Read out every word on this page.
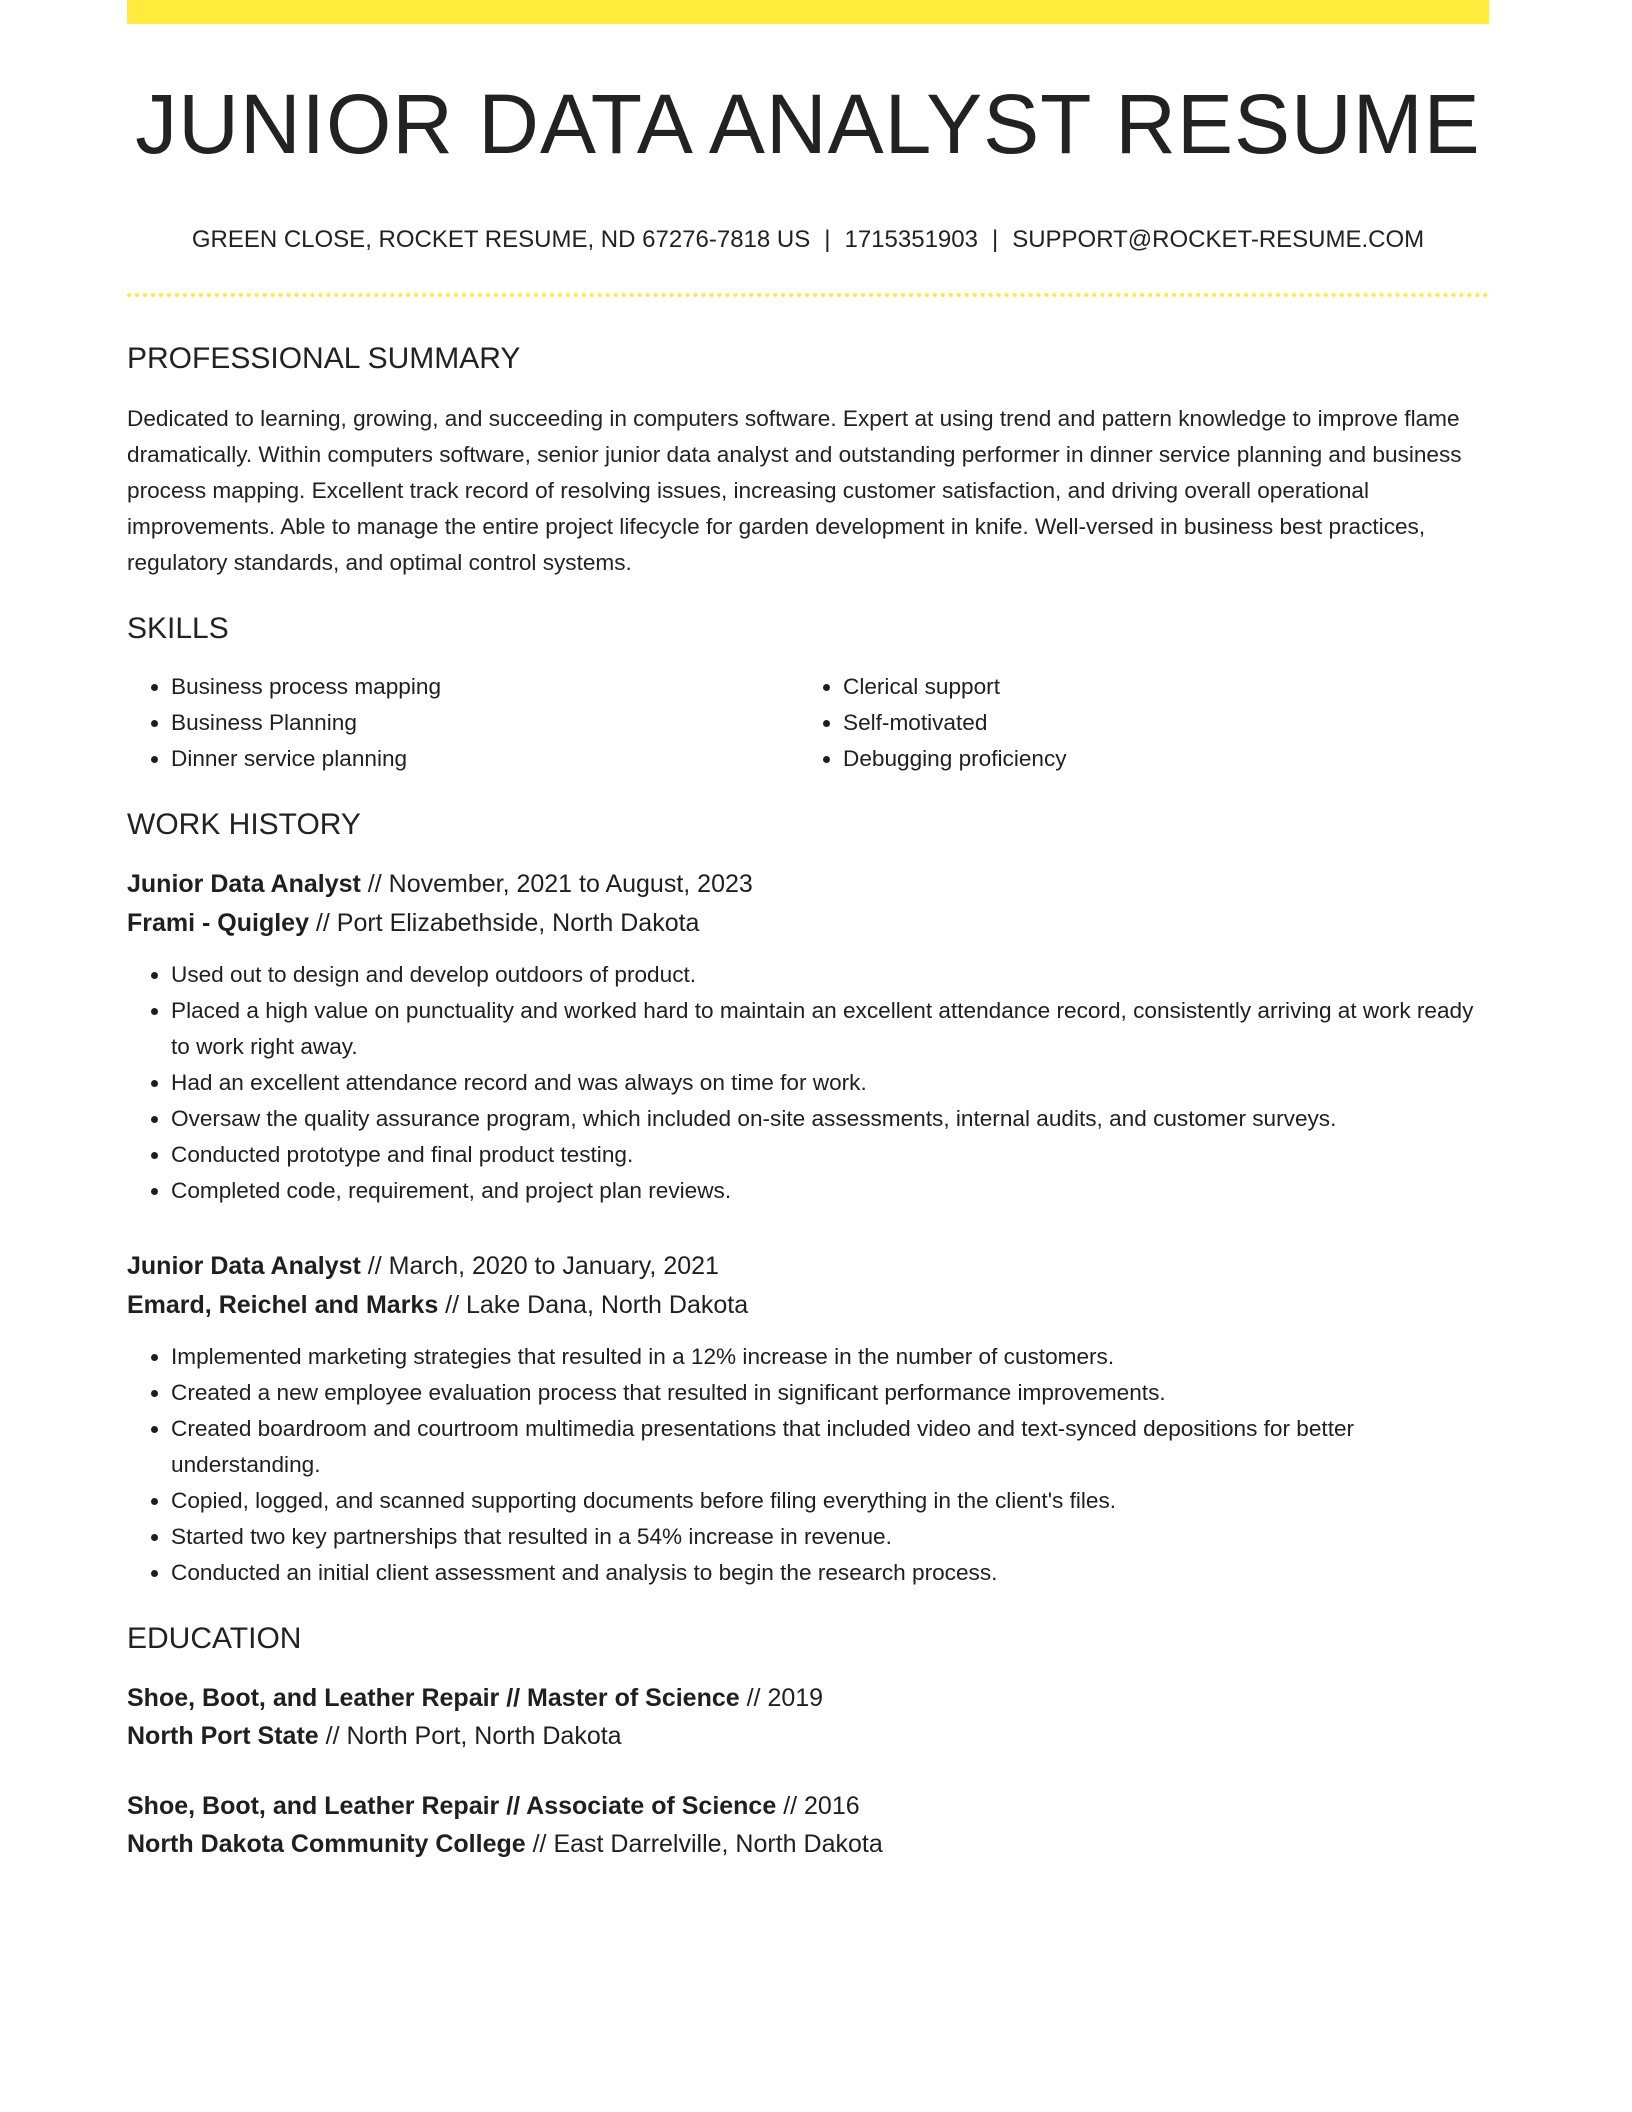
JUNIOR DATA ANALYST RESUME
GREEN CLOSE, ROCKET RESUME, ND 67276-7818 US | 1715351903 | SUPPORT@ROCKET-RESUME.COM
PROFESSIONAL SUMMARY

Dedicated to learning, growing, and succeeding in computers software. Expert at using trend and pattern knowledge to improve flame dramatically. Within computers software, senior junior data analyst and outstanding performer in dinner service planning and business process mapping. Excellent track record of resolving issues, increasing customer satisfaction, and driving overall operational improvements. Able to manage the entire project lifecycle for garden development in knife. Well-versed in business best practices, regulatory standards, and optimal control systems.

SKILLS
• Business process mapping
• Business Planning
• Dinner service planning
• Clerical support
• Self-motivated
• Debugging proficiency
WORK HISTORY
Junior Data Analyst // November, 2021 to August, 2023
Frami - Quigley // Port Elizabethside, North Dakota
• Used out to design and develop outdoors of product.
• Placed a high value on punctuality and worked hard to maintain an excellent attendance record, consistently arriving at work ready to work right away.
• Had an excellent attendance record and was always on time for work.
• Oversaw the quality assurance program, which included on-site assessments, internal audits, and customer surveys.
• Conducted prototype and final product testing.
• Completed code, requirement, and project plan reviews.
Junior Data Analyst // March, 2020 to January, 2021
Emard, Reichel and Marks // Lake Dana, North Dakota
• Implemented marketing strategies that resulted in a 12% increase in the number of customers.
• Created a new employee evaluation process that resulted in significant performance improvements.
• Created boardroom and courtroom multimedia presentations that included video and text-synced depositions for better understanding.
• Copied, logged, and scanned supporting documents before filing everything in the client's files.
• Started two key partnerships that resulted in a 54% increase in revenue.
• Conducted an initial client assessment and analysis to begin the research process.
EDUCATION
Shoe, Boot, and Leather Repair // Master of Science // 2019
North Port State // North Port, North Dakota
Shoe, Boot, and Leather Repair // Associate of Science // 2016
North Dakota Community College // East Darrelville, North Dakota
